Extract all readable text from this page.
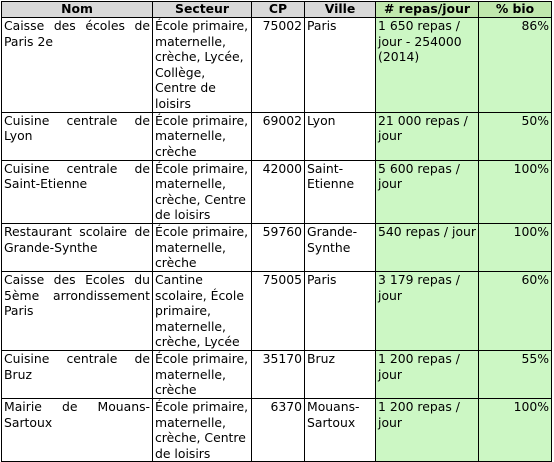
Nom	Secteur	CP	Ville	# repas/jour	% bio
Caisse des écoles de Paris 2e	École primaire, maternelle, crèche, Lycée, Collège, Centre de loisirs	75002	Paris	1 650 repas / jour - 254000 (2014)	86%
Cuisine centrale de Lyon	École primaire, maternelle, crèche	69002	Lyon	21 000 repas / jour	50%
Cuisine centrale de Saint-Etienne	École primaire, maternelle, crèche, Centre de loisirs	42000	Saint-Etienne	5 600 repas / jour	100%
Restaurant scolaire de Grande-Synthe	École primaire, maternelle, crèche	59760	Grande-Synthe	540 repas / jour	100%
Caisse des Ecoles du 5ème arrondissement Paris	Cantine scolaire, École primaire, maternelle, crèche, Lycée	75005	Paris	3 179 repas / jour	60%
Cuisine centrale de Bruz	École primaire, maternelle, crèche	35170	Bruz	1 200 repas / jour	55%
Mairie de Mouans-Sartoux	École primaire, maternelle, crèche, Centre de loisirs	6370	Mouans-Sartoux	1 200 repas / jour	100%
